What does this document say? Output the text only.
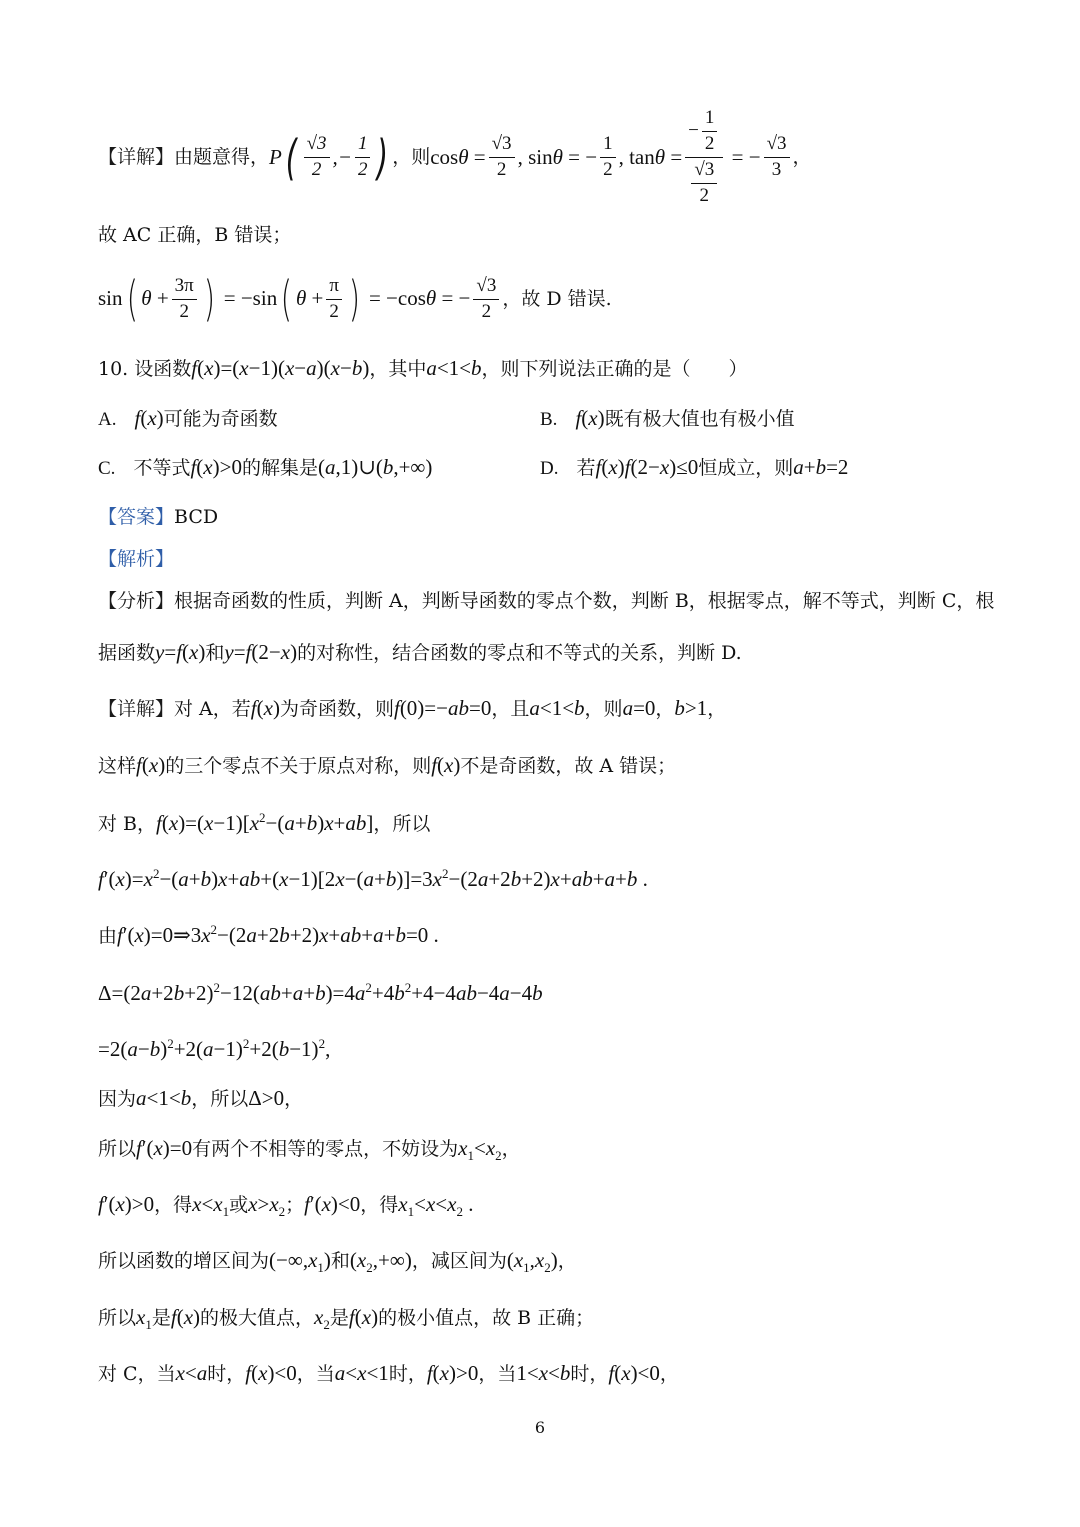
【详解】 由题意得， P ( √3
2
,−
1
2 ) ，则 cos θ =
√3
2
, sin θ = −
1
2
, tan θ =
−
1
2
$\frac{√3}{2}$
= −
√3
3
，
故 AC 正确，B 错误；
sin ( θ +
3π
2 ) = −sin ( θ +
π
2 ) = −cos θ = −
√3
2
，故 D 错误.
10. 设函数f(x)=(x−1)(x−a)(x−b)，其中a<1<b，则下列说法正确的是（　　）
A. f(x)可能为奇函数	B. f(x)既有极大值也有极小值
C. 不等式f(x)>0的解集是(a,1)∪(b,+∞)	D. 若f(x)f(2−x)≤0恒成立，则a+b=2
【答案】BCD
【解析】
【分析】根据奇函数的性质，判断 A，判断导函数的零点个数，判断 B，根据零点，解不等式，判断 C，根
据函数y=f(x)和y=f(2−x)的对称性，结合函数的零点和不等式的关系，判断 D.
【详解】对 A，若f(x)为奇函数，则f(0)=−ab=0，且a<1<b，则a=0，b>1，
这样f(x)的三个零点不关于原点对称，则f(x)不是奇函数，故 A 错误；
对 B，$f(x)=(x-1)[x^2-(a+b)x+ab]$，所以
$f'(x)=x^2-(a+b)x+ab+(x-1)[2x-(a+b)]=3x^2-(2a+2b+2)x+ab+a+b$ .
由$f'(x)=0\Rightarrow 3x^2-(2a+2b+2)x+ab+a+b=0$ .
$\Delta=(2a+2b+2)^2-12(ab+a+b)=4a^2+4b^2+4-4ab-4a-4b$
$=2(a-b)^2+2(a-1)^2+2(b-1)^2$,
因为a<1<b，所以Δ>0，
所以f′(x)=0有两个不相等的零点，不妨设为$x_1<x_2$，
f′(x)>0，得$x<x_1$或$x>x_2$；f′(x)<0，得$x_1<x<x_2$ .
所以函数的增区间为$(-\infty,x_1)$和$(x_2,+\infty)$，减区间为$(x_1,x_2)$，
所以$x_1$是f(x)的极大值点，$x_2$是f(x)的极小值点，故 B 正确；
对 C，当x<a时，f(x)<0，当a<x<1时，f(x)>0，当1<x<b时，f(x)<0，
6
